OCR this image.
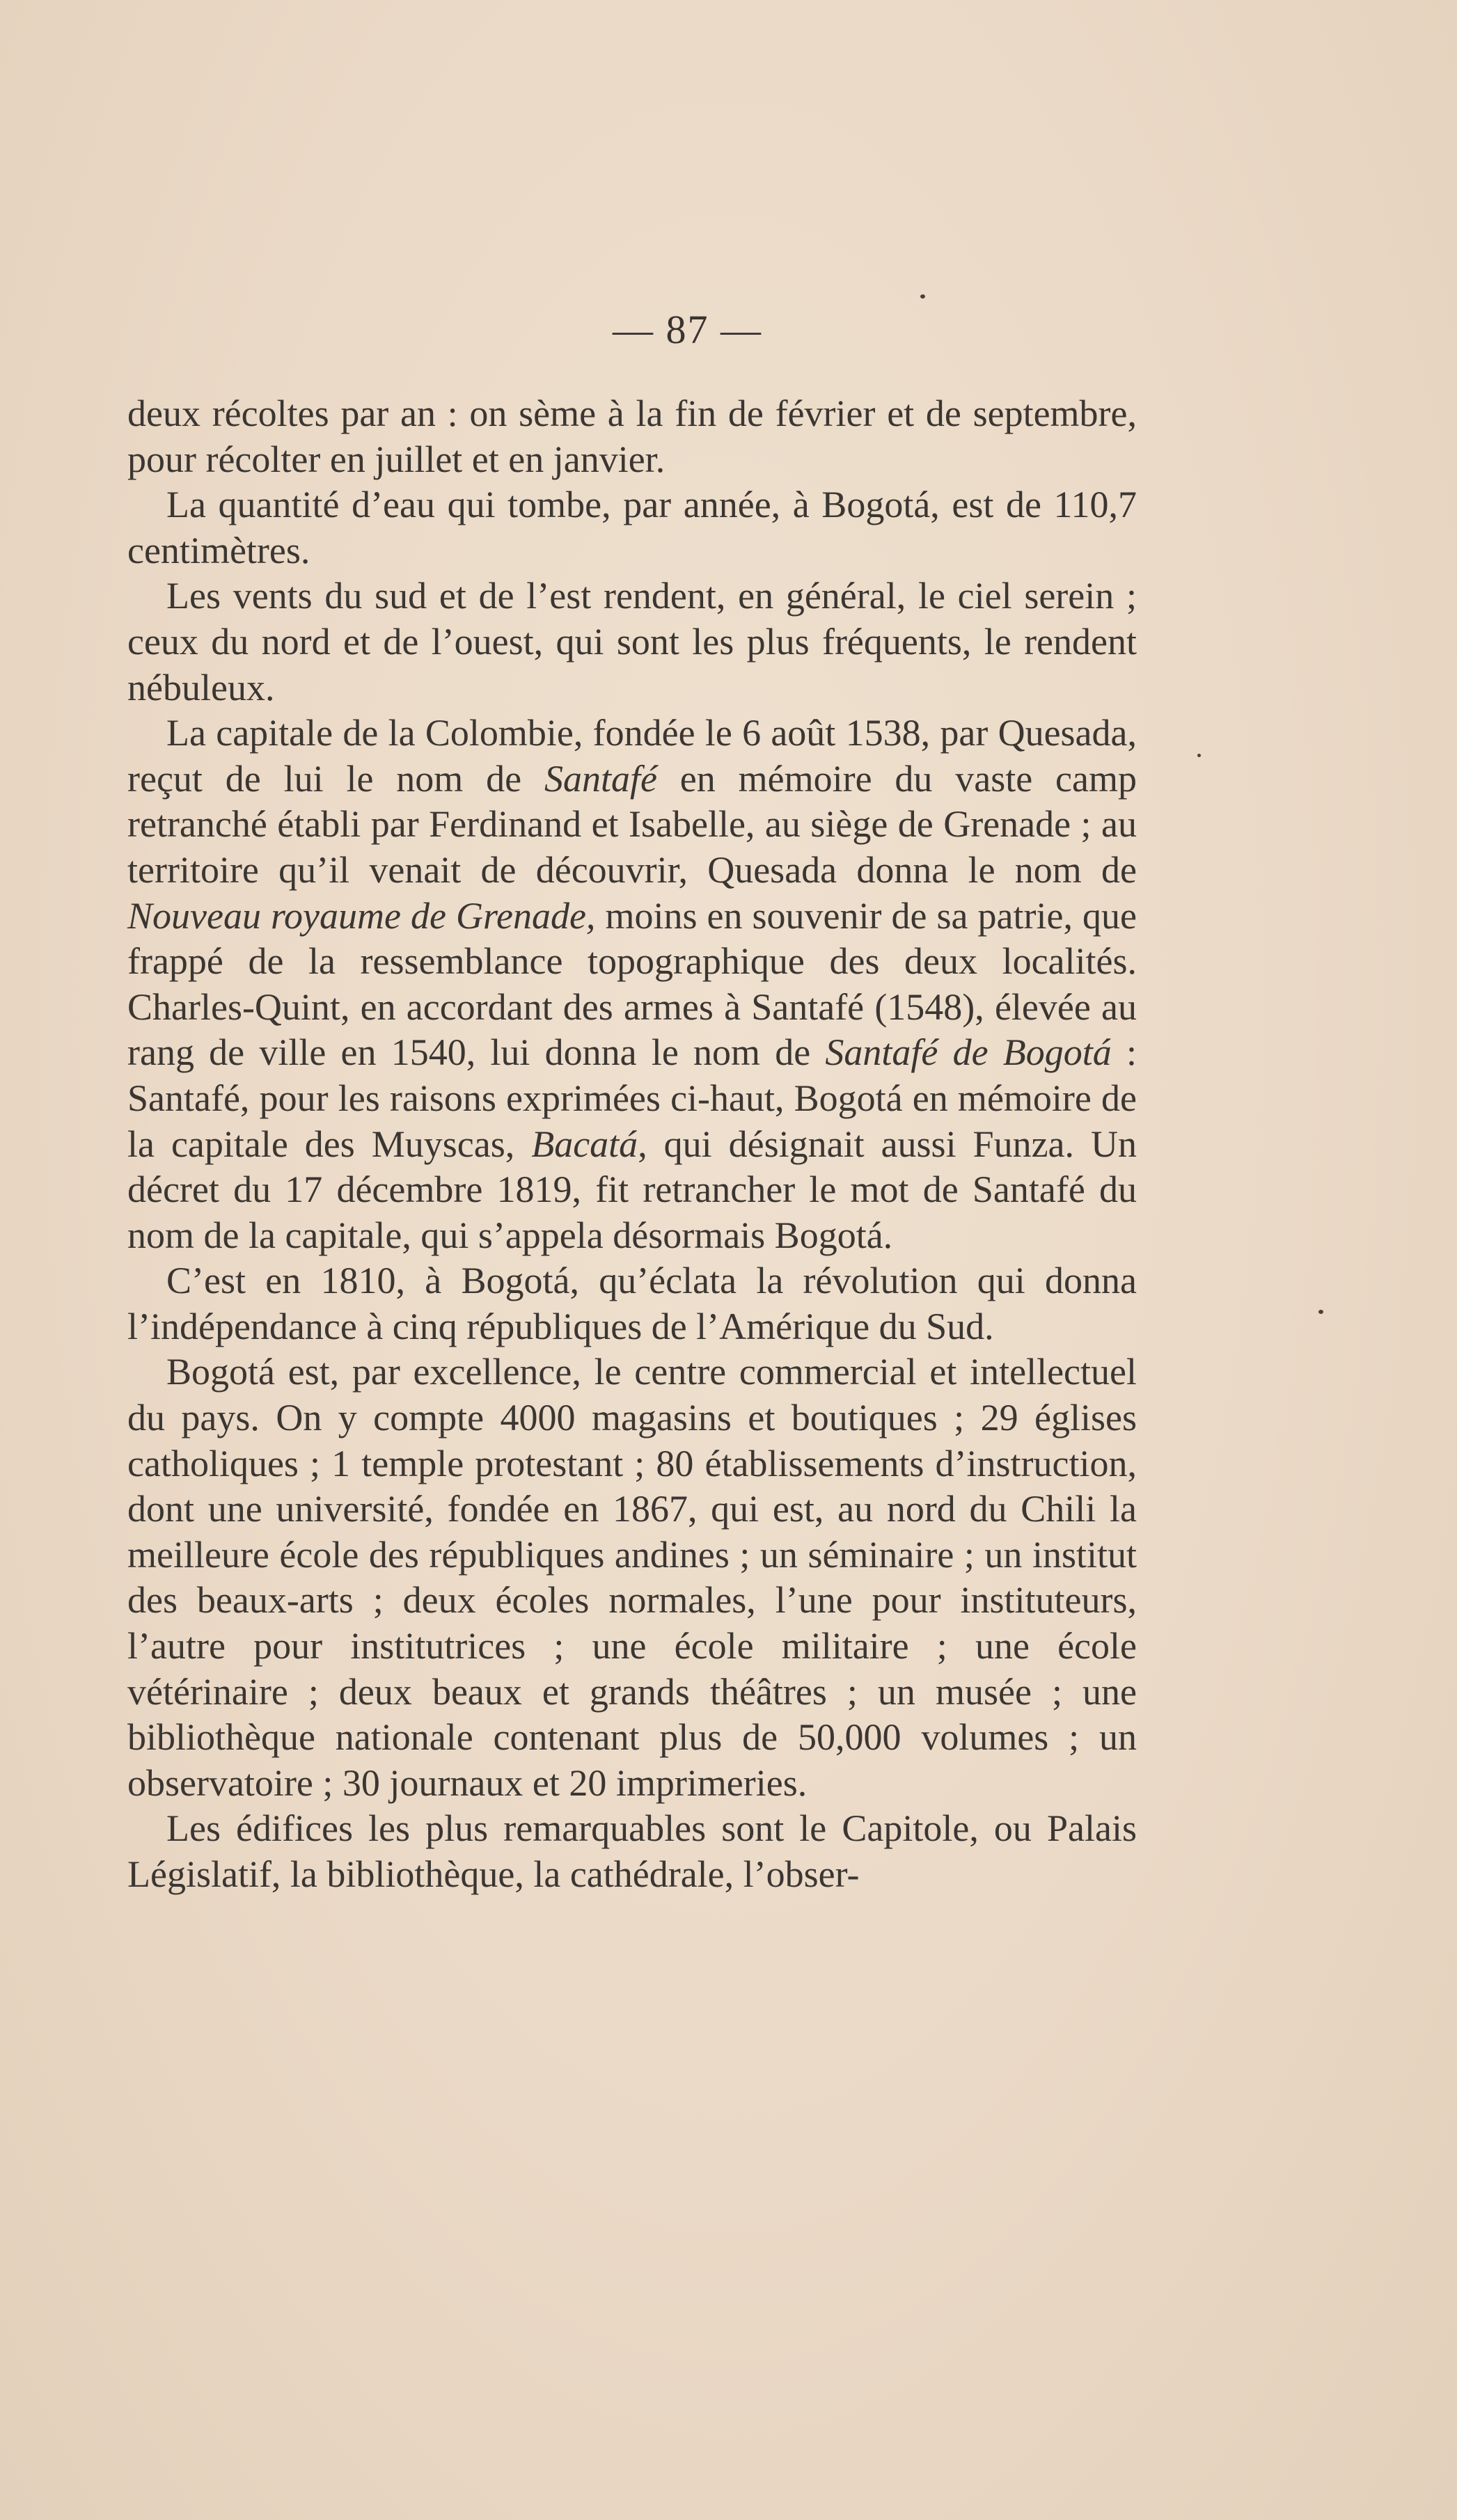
— 87 —

deux récoltes par an : on sème à la fin de février et de septembre, pour récolter en juillet et en janvier.

La quantité d’eau qui tombe, par année, à Bogotá, est de 110,7 centimètres.

Les vents du sud et de l’est rendent, en général, le ciel serein ; ceux du nord et de l’ouest, qui sont les plus fréquents, le rendent nébuleux.

La capitale de la Colombie, fondée le 6 août 1538, par Quesada, reçut de lui le nom de Santafé en mémoire du vaste camp retranché établi par Ferdinand et Isabelle, au siège de Grenade ; au territoire qu’il venait de découvrir, Quesada donna le nom de Nouveau royaume de Grenade, moins en souvenir de sa patrie, que frappé de la ressemblance topographique des deux localités. Charles-Quint, en accordant des armes à Santafé (1548), élevée au rang de ville en 1540, lui donna le nom de Santafé de Bogotá : Santafé, pour les raisons exprimées ci-haut, Bogotá en mémoire de la capitale des Muyscas, Bacatá, qui désignait aussi Funza. Un décret du 17 décembre 1819, fit retrancher le mot de Santafé du nom de la capitale, qui s’appela désormais Bogotá.

C’est en 1810, à Bogotá, qu’éclata la révolution qui donna l’indépendance à cinq républiques de l’Amérique du Sud.

Bogotá est, par excellence, le centre commercial et intellectuel du pays. On y compte 4000 magasins et boutiques ; 29 églises catholiques ; 1 temple protestant ; 80 établissements d’instruction, dont une université, fondée en 1867, qui est, au nord du Chili la meilleure école des républiques andines ; un séminaire ; un institut des beaux-arts ; deux écoles normales, l’une pour instituteurs, l’autre pour institutrices ; une école militaire ; une école vétérinaire ; deux beaux et grands théâtres ; un musée ; une bibliothèque nationale contenant plus de 50,000 volumes ; un observatoire ; 30 journaux et 20 imprimeries.

Les édifices les plus remarquables sont le Capitole, ou Palais Législatif, la bibliothèque, la cathédrale, l’obser-
